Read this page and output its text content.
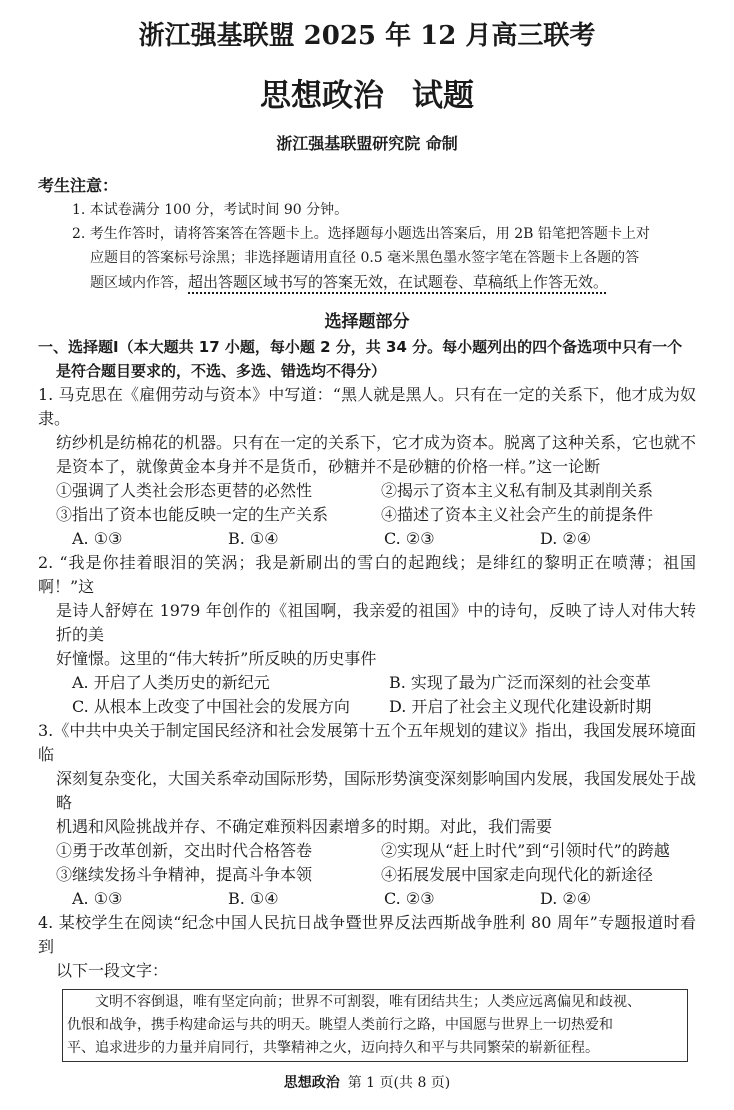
浙江强基联盟 2025 年 12 月高三联考
思想政治 试题
浙江强基联盟研究院 命制
考生注意：
1. 本试卷满分 100 分，考试时间 90 分钟。
2. 考生作答时，请将答案答在答题卡上。选择题每小题选出答案后，用 2B 铅笔把答题卡上对
应题目的答案标号涂黑；非选择题请用直径 0.5 毫米黑色墨水签字笔在答题卡上各题的答
题区域内作答，超出答题区域书写的答案无效，在试题卷、草稿纸上作答无效。
选择题部分
一、选择题Ⅰ（本大题共 17 小题，每小题 2 分，共 34 分。每小题列出的四个备选项中只有一个
是符合题目要求的，不选、多选、错选均不得分）
1. 马克思在《雇佣劳动与资本》中写道：“黑人就是黑人。只有在一定的关系下，他才成为奴隶。
纺纱机是纺棉花的机器。只有在一定的关系下，它才成为资本。脱离了这种关系，它也就不
是资本了，就像黄金本身并不是货币，砂糖并不是砂糖的价格一样。”这一论断
①强调了人类社会形态更替的必然性	②揭示了资本主义私有制及其剥削关系
③指出了资本也能反映一定的生产关系	④描述了资本主义社会产生的前提条件
A. ①③	B. ①④	C. ②③	D. ②④
2. “我是你挂着眼泪的笑涡；我是新刷出的雪白的起跑线；是绯红的黎明正在喷薄；祖国啊！”这
是诗人舒婷在 1979 年创作的《祖国啊，我亲爱的祖国》中的诗句，反映了诗人对伟大转折的美
好憧憬。这里的“伟大转折”所反映的历史事件
A. 开启了人类历史的新纪元	B. 实现了最为广泛而深刻的社会变革
C. 从根本上改变了中国社会的发展方向	D. 开启了社会主义现代化建设新时期
3.《中共中央关于制定国民经济和社会发展第十五个五年规划的建议》指出，我国发展环境面临
深刻复杂变化，大国关系牵动国际形势，国际形势演变深刻影响国内发展，我国发展处于战略
机遇和风险挑战并存、不确定难预料因素增多的时期。对此，我们需要
①勇于改革创新，交出时代合格答卷	②实现从“赶上时代”到“引领时代”的跨越
③继续发扬斗争精神，提高斗争本领	④拓展发展中国家走向现代化的新途径
A. ①③	B. ①④	C. ②③	D. ②④
4. 某校学生在阅读“纪念中国人民抗日战争暨世界反法西斯战争胜利 80 周年”专题报道时看到
以下一段文字：
文明不容倒退，唯有坚定向前；世界不可割裂，唯有团结共生；人类应远离偏见和歧视、
仇恨和战争，携手构建命运与共的明天。眺望人类前行之路，中国愿与世界上一切热爱和
平、追求进步的力量并肩同行，共擎精神之火，迈向持久和平与共同繁荣的崭新征程。
思想政治 第 1 页(共 8 页)
